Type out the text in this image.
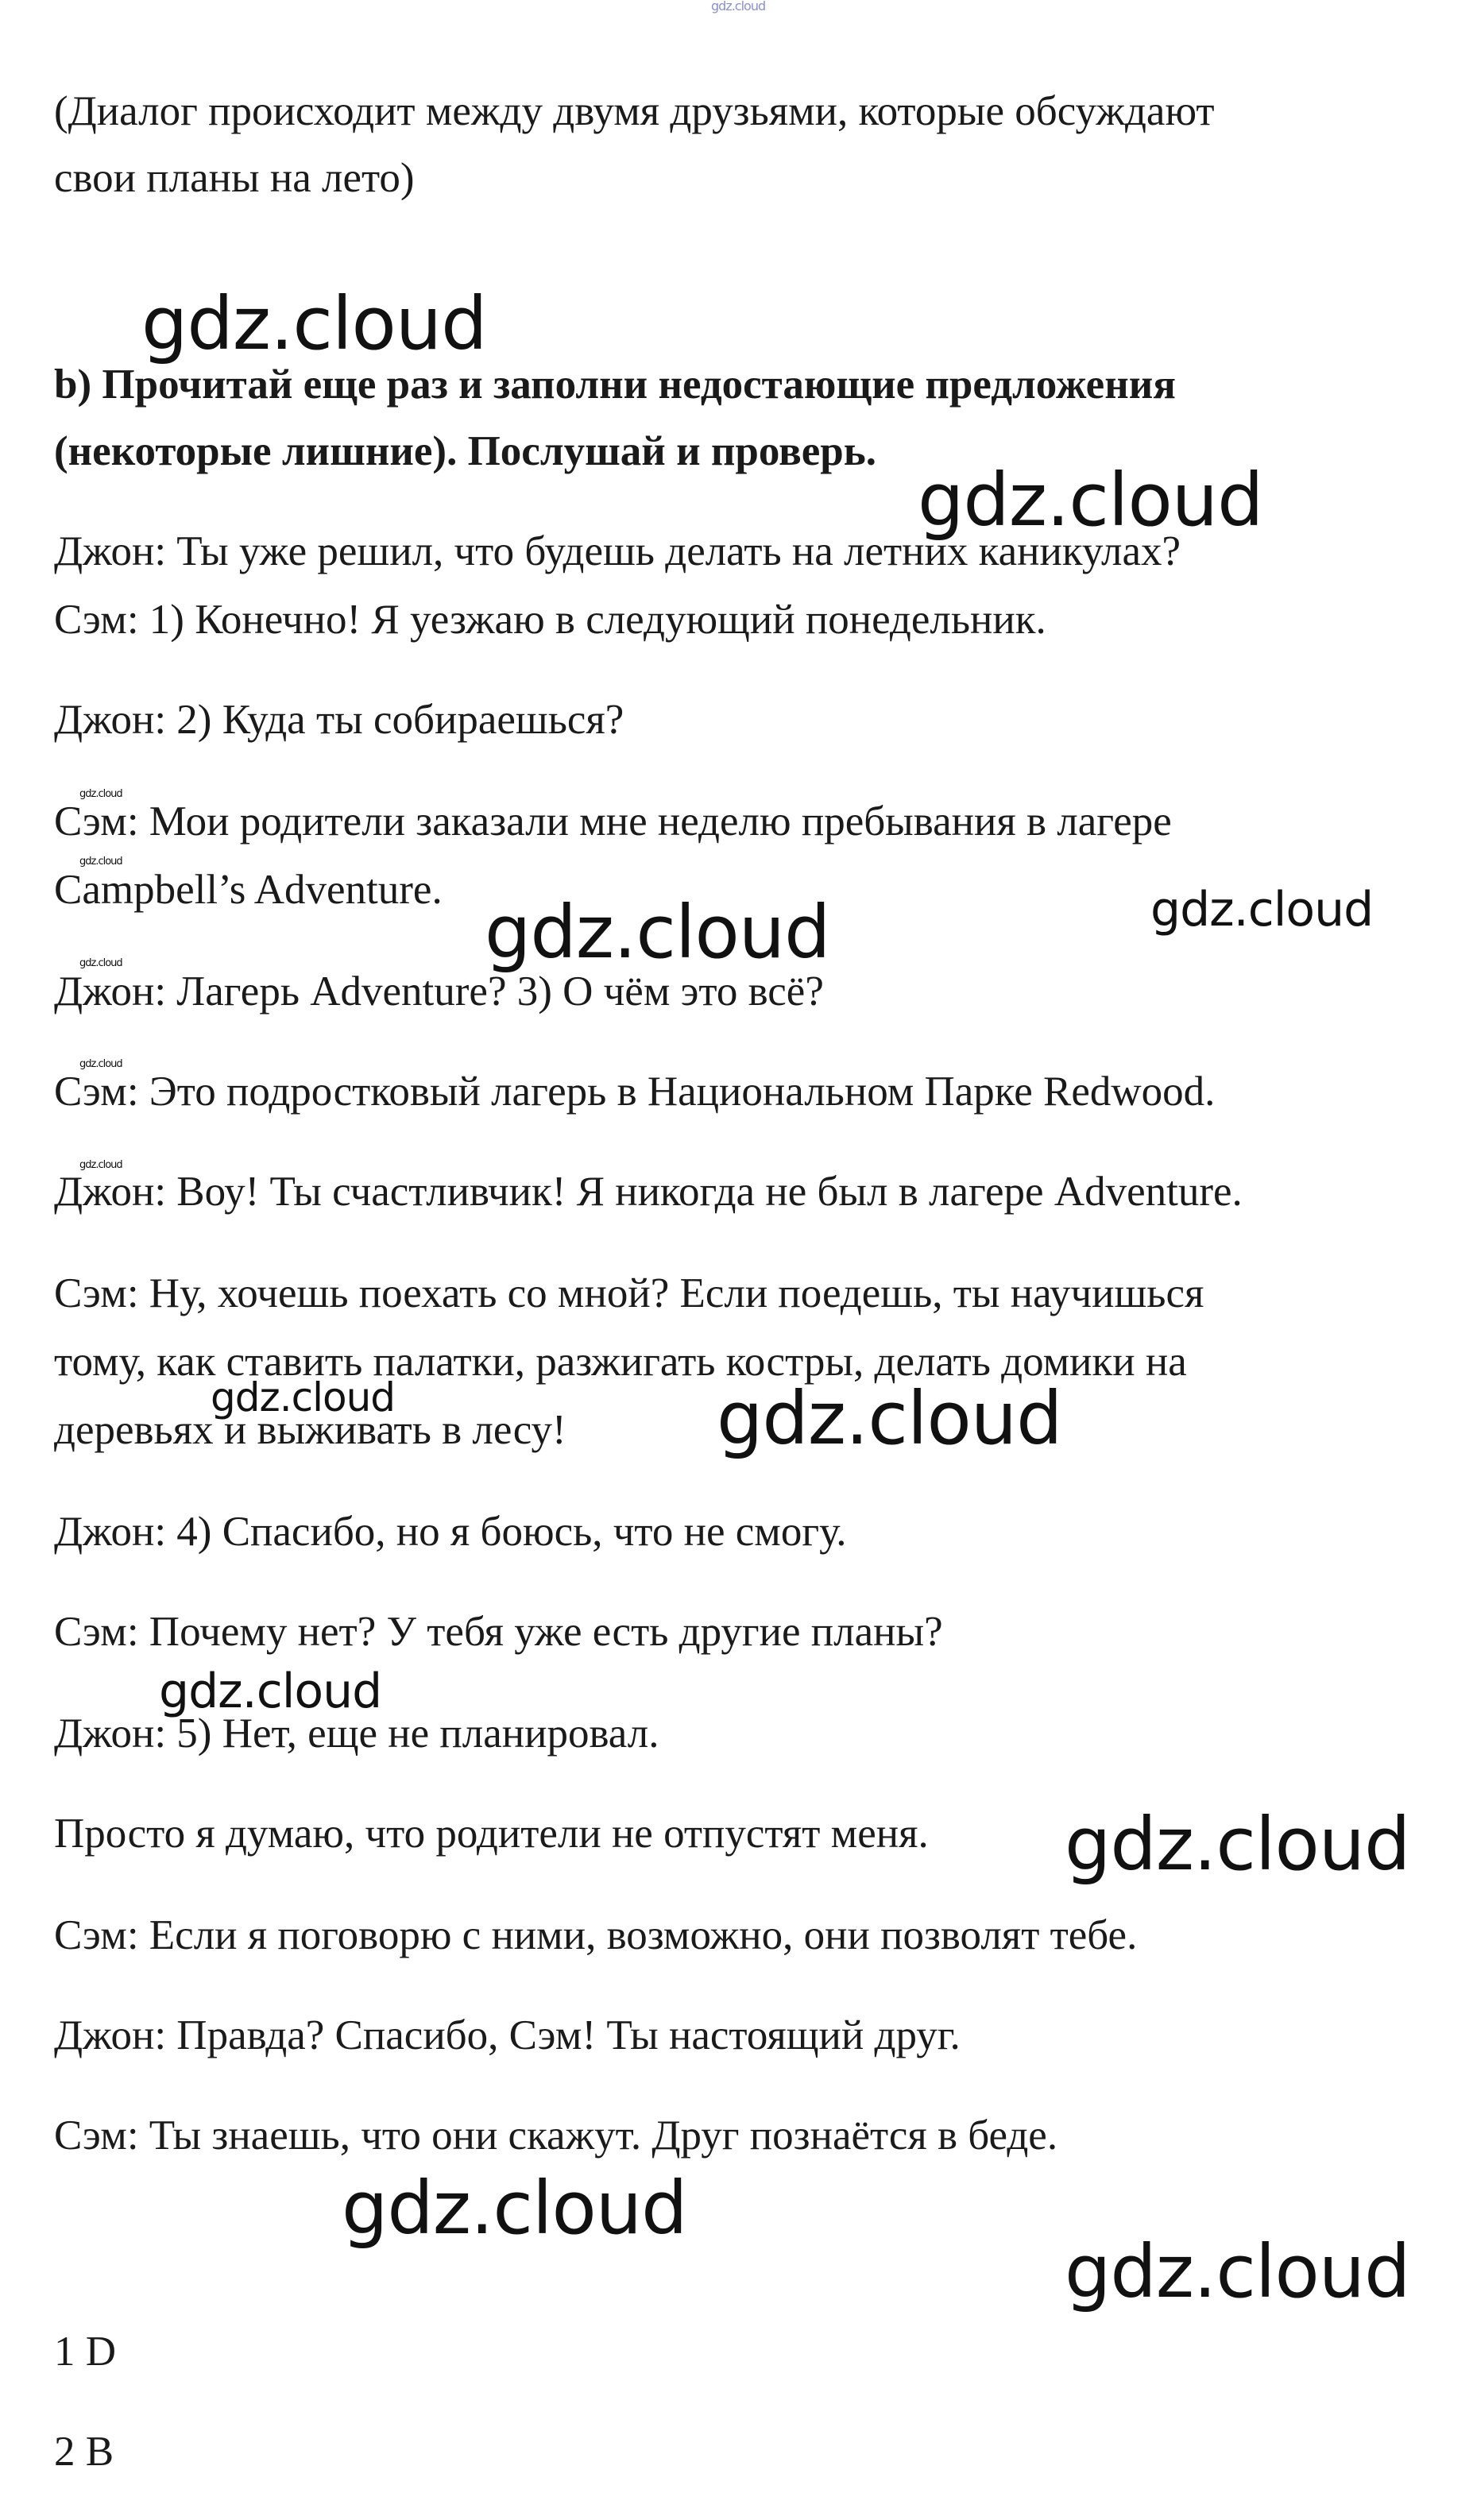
gdz.cloud
(Диалог происходит между двумя друзьями, которые обсуждают
свои планы на лето)
gdz.cloud
b) Прочитай еще раз и заполни недостающие предложения
(некоторые лишние). Послушай и проверь.
gdz.cloud
Джон: Ты уже решил, что будешь делать на летних каникулах?
Сэм: 1) Конечно! Я уезжаю в следующий понедельник.
Джон: 2) Куда ты собираешься?
gdz.cloud
Сэм: Мои родители заказали мне неделю пребывания в лагере
gdz.cloud
Campbell’s Adventure. gdz.cloud	gdz.cloud
gdz.cloud
Джон: Лагерь Adventure? 3) О чём это всё?
gdz.cloud
Сэм: Это подростковый лагерь в Национальном Парке Redwood.
gdz.cloud
Джон: Воу! Ты счастливчик! Я никогда не был в лагере Adventure.
Сэм: Ну, хочешь поехать со мной? Если поедешь, ты научишься
тому, как ставить палатки, разжигать костры, делать домики на
gdz.cloud
деревьях и выживать в лесу! gdz.cloud
Джон: 4) Спасибо, но я боюсь, что не смогу.
Сэм: Почему нет? У тебя уже есть другие планы?
gdz.cloud
Джон: 5) Нет, еще не планировал.
Просто я думаю, что родители не отпустят меня. gdz.cloud
Сэм: Если я поговорю с ними, возможно, они позволят тебе.
Джон: Правда? Спасибо, Сэм! Ты настоящий друг.
Сэм: Ты знаешь, что они скажут. Друг познаётся в беде.
gdz.cloud
gdz.cloud
1 D
2 B
